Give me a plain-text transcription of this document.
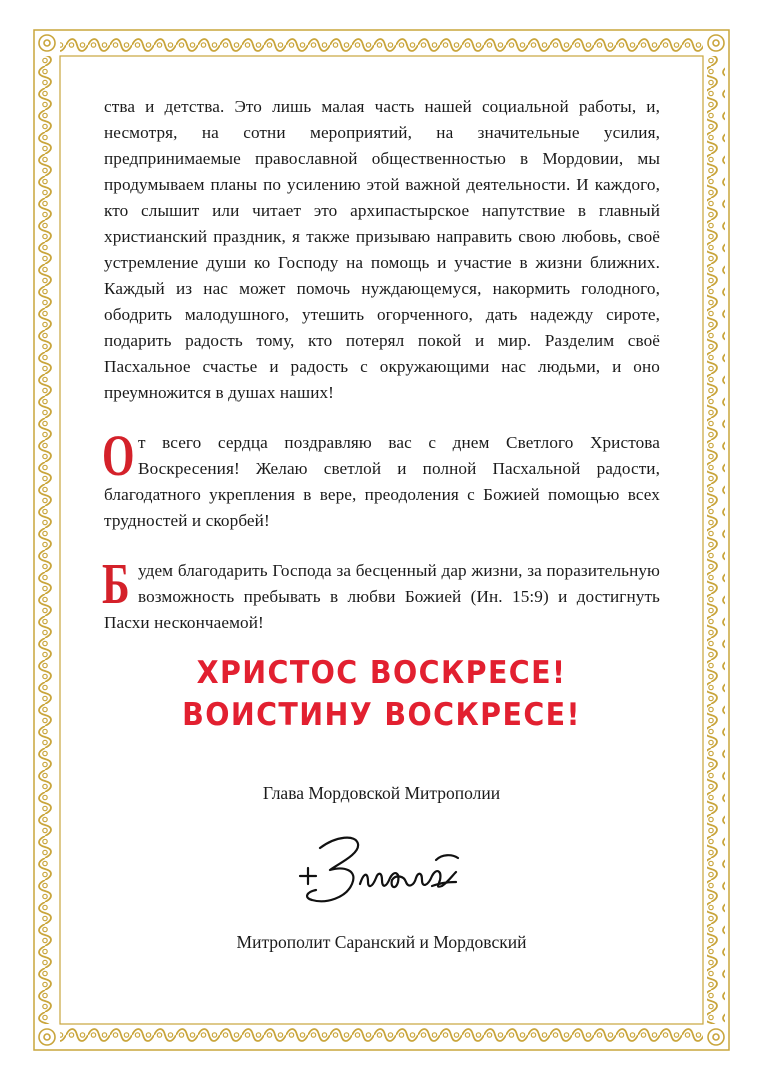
ства и детства. Это лишь малая часть нашей социальной работы, и, несмотря, на сотни мероприятий, на значительные усилия, предпринимаемые православной общественностью в Мордовии, мы продумываем планы по усилению этой важной деятельности. И каждого, кто слышит или читает это архипастырское напутствие в главный христианский праздник, я также призываю направить свою любовь, своё устремление души ко Господу на помощь и участие в жизни ближних. Каждый из нас может помочь нуждающемуся, накормить голодного, ободрить малодушного, утешить огорченного, дать надежду сироте, подарить радость тому, кто потерял покой и мир. Разделим своё Пасхальное счастье и радость с окружающими нас людьми, и оно преумножится в душах наших!

От всего сердца поздравляю вас с днем Светлого Христова Воскресения! Желаю светлой и полной Пасхальной радости, благодатного укрепления в вере, преодоления с Божией помощью всех трудностей и скорбей!

Будем благодарить Господа за бесценный дар жизни, за поразительную возможность пребывать в любви Божией (Ин. 15:9) и достигнуть Пасхи нескончаемой!

ХРИСТОС ВОСКРЕСЕ!
ВОИСТИНУ ВОСКРЕСЕ!
Глава Мордовской Митрополии
Митрополит Саранский и Мордовский
